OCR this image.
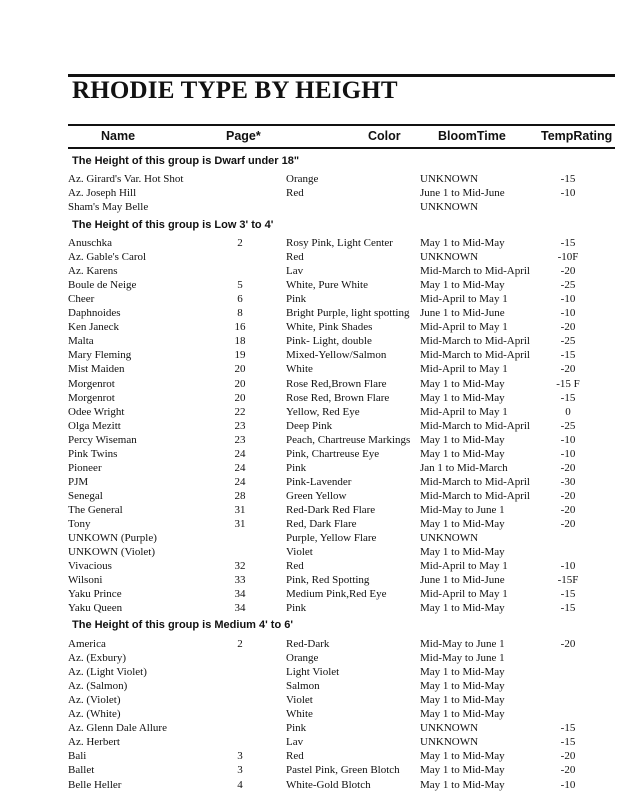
RHODIE TYPE BY HEIGHT
Name	Page*	Color	BloomTime	TempRating
The Height of this group is Dwarf under 18"
Az. Girard's Var. Hot Shot	Orange	UNKNOWN	-15
Az. Joseph Hill	Red	June 1 to Mid-June	-10
Sham's May Belle	UNKNOWN
The Height of this group is Low 3' to 4'
Anuschka	2	Rosy Pink, Light Center May 1 to Mid-May	-15
Az. Gable's Carol	Red	UNKNOWN	-10F
Az. Karens	Lav	Mid-March to Mid-April	-20
Boule de Neige	5	White, Pure White	May 1 to Mid-May	-25
Cheer	6	Pink	Mid-April to May 1	-10
Daphnoides	8	Bright Purple, light spotting June 1 to Mid-June	-10
Ken Janeck	16	White, Pink Shades	Mid-April to May 1	-20
Malta	18	Pink- Light, double	Mid-March to Mid-April	-25
Mary Fleming	19	Mixed-Yellow/Salmon	Mid-March to Mid-April	-15
Mist Maiden	20	White	Mid-April to May 1	-20
Morgenrot	20	Rose Red,Brown Flare	May 1 to Mid-May	-15 F
Morgenrot	20	Rose Red, Brown Flare	May 1 to Mid-May	-15
Odee Wright	22	Yellow, Red Eye	Mid-April to May 1	0
Olga Mezitt	23	Deep Pink	Mid-March to Mid-April	-25
Percy Wiseman	23	Peach, Chartreuse Markings May 1 to Mid-May	-10
Pink Twins	24	Pink, Chartreuse Eye	May 1 to Mid-May	-10
Pioneer	24	Pink	Jan 1 to Mid-March	-20
PJM	24	Pink-Lavender	Mid-March to Mid-April	-30
Senegal	28	Green Yellow	Mid-March to Mid-April	-20
The General	31	Red-Dark Red Flare	Mid-May to June 1	-20
Tony	31	Red, Dark Flare	May 1 to Mid-May	-20
UNKOWN (Purple)	Purple, Yellow Flare	UNKNOWN
UNKOWN (Violet)	Violet	May 1 to Mid-May
Vivacious	32	Red	Mid-April to May 1	-10
Wilsoni	33	Pink, Red Spotting	June 1 to Mid-June	-15F
Yaku Prince	34	Medium Pink,Red Eye	Mid-April to May 1	-15
Yaku Queen	34	Pink	May 1 to Mid-May	-15
The Height of this group is Medium 4' to 6'
America	2	Red-Dark	Mid-May to June 1	-20
Az. (Exbury)	Orange	Mid-May to June 1
Az. (Light Violet)	Light Violet	May 1 to Mid-May
Az. (Salmon)	Salmon	May 1 to Mid-May
Az. (Violet)	Violet	May 1 to Mid-May
Az. (White)	White	May 1 to Mid-May
Az. Glenn Dale Allure	Pink	UNKNOWN	-15
Az. Herbert	Lav	UNKNOWN	-15
Bali	3	Red	May 1 to Mid-May	-20
Ballet	3	Pastel Pink, Green Blotch May 1 to Mid-May	-20
Belle Heller	4	White-Gold Blotch	May 1 to Mid-May	-10
